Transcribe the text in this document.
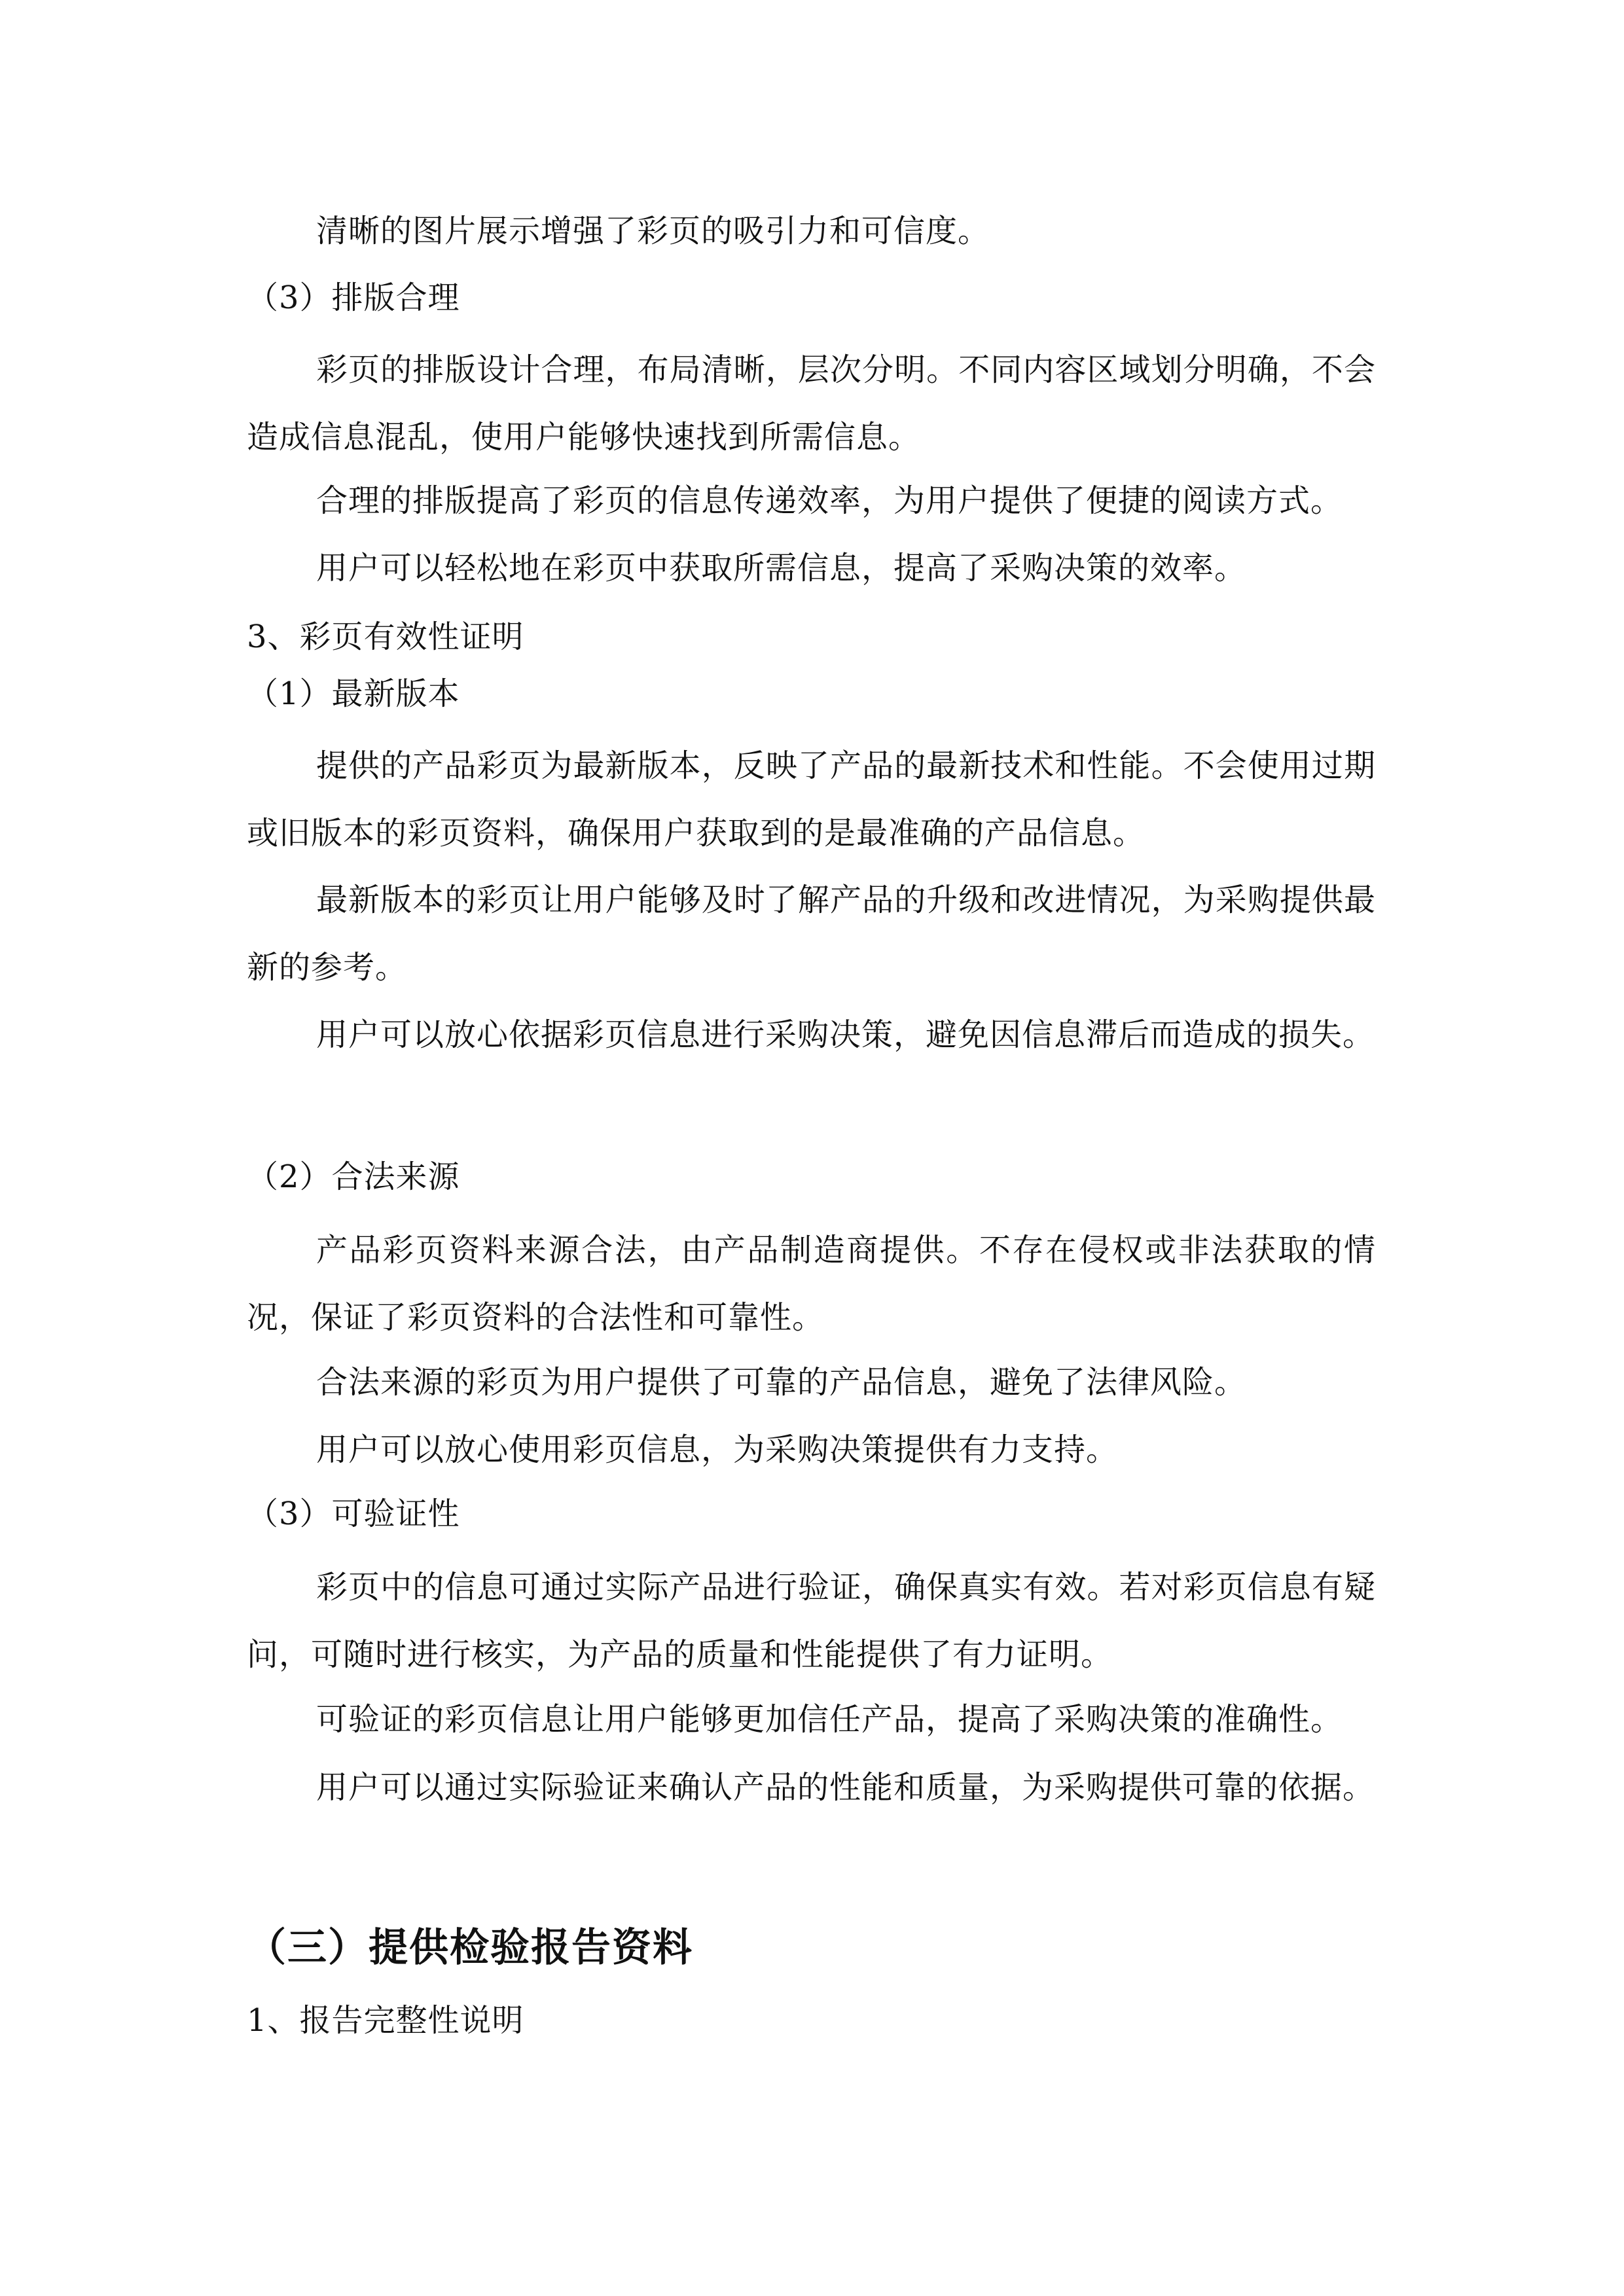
清晰的图片展示增强了彩页的吸引力和可信度。

（3）排版合理

彩页的排版设计合理，布局清晰，层次分明。不同内容区域划分明确，不会造成信息混乱，使用户能够快速找到所需信息。

合理的排版提高了彩页的信息传递效率，为用户提供了便捷的阅读方式。

用户可以轻松地在彩页中获取所需信息，提高了采购决策的效率。

3、彩页有效性证明

（1）最新版本

提供的产品彩页为最新版本，反映了产品的最新技术和性能。不会使用过期或旧版本的彩页资料，确保用户获取到的是最准确的产品信息。

最新版本的彩页让用户能够及时了解产品的升级和改进情况，为采购提供最新的参考。

用户可以放心依据彩页信息进行采购决策，避免因信息滞后而造成的损失。

（2）合法来源

产品彩页资料来源合法，由产品制造商提供。不存在侵权或非法获取的情况，保证了彩页资料的合法性和可靠性。

合法来源的彩页为用户提供了可靠的产品信息，避免了法律风险。

用户可以放心使用彩页信息，为采购决策提供有力支持。

（3）可验证性

彩页中的信息可通过实际产品进行验证，确保真实有效。若对彩页信息有疑问，可随时进行核实，为产品的质量和性能提供了有力证明。

可验证的彩页信息让用户能够更加信任产品，提高了采购决策的准确性。

用户可以通过实际验证来确认产品的性能和质量，为采购提供可靠的依据。

（三）提供检验报告资料

1、报告完整性说明
